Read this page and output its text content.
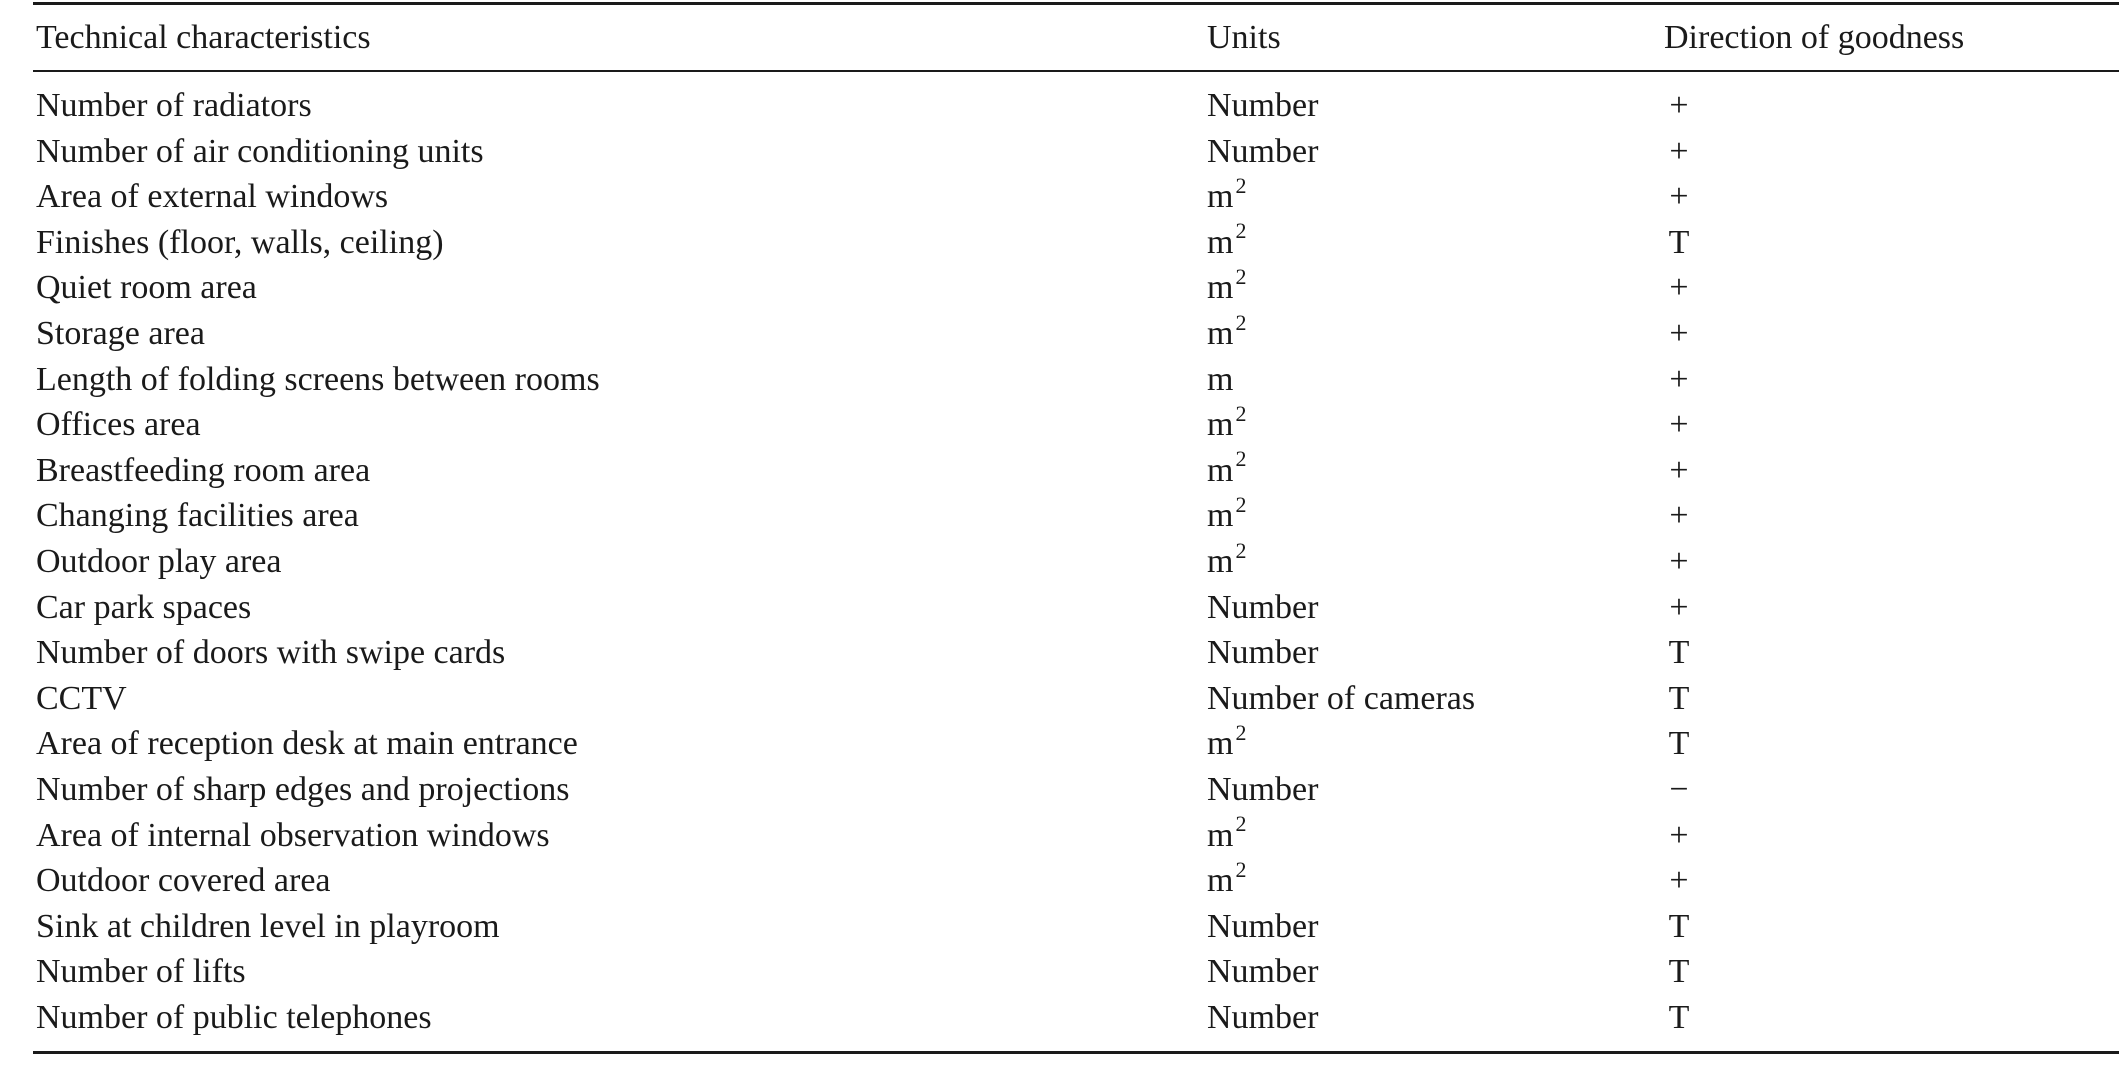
Technical characteristics	Units	Direction of goodness
Number of radiators	Number	+
Number of air conditioning units	Number	+
Area of external windows	$m^2$	+
Finishes (floor, walls, ceiling)	$m^2$	T
Quiet room area	$m^2$	+
Storage area	$m^2$	+
Length of folding screens between rooms	m	+
Offices area	$m^2$	+
Breastfeeding room area	$m^2$	+
Changing facilities area	$m^2$	+
Outdoor play area	$m^2$	+
Car park spaces	Number	+
Number of doors with swipe cards	Number	T
CCTV	Number of cameras	T
Area of reception desk at main entrance	$m^2$	T
Number of sharp edges and projections	Number	−
Area of internal observation windows	$m^2$	+
Outdoor covered area	$m^2$	+
Sink at children level in playroom	Number	T
Number of lifts	Number	T
Number of public telephones	Number	T
